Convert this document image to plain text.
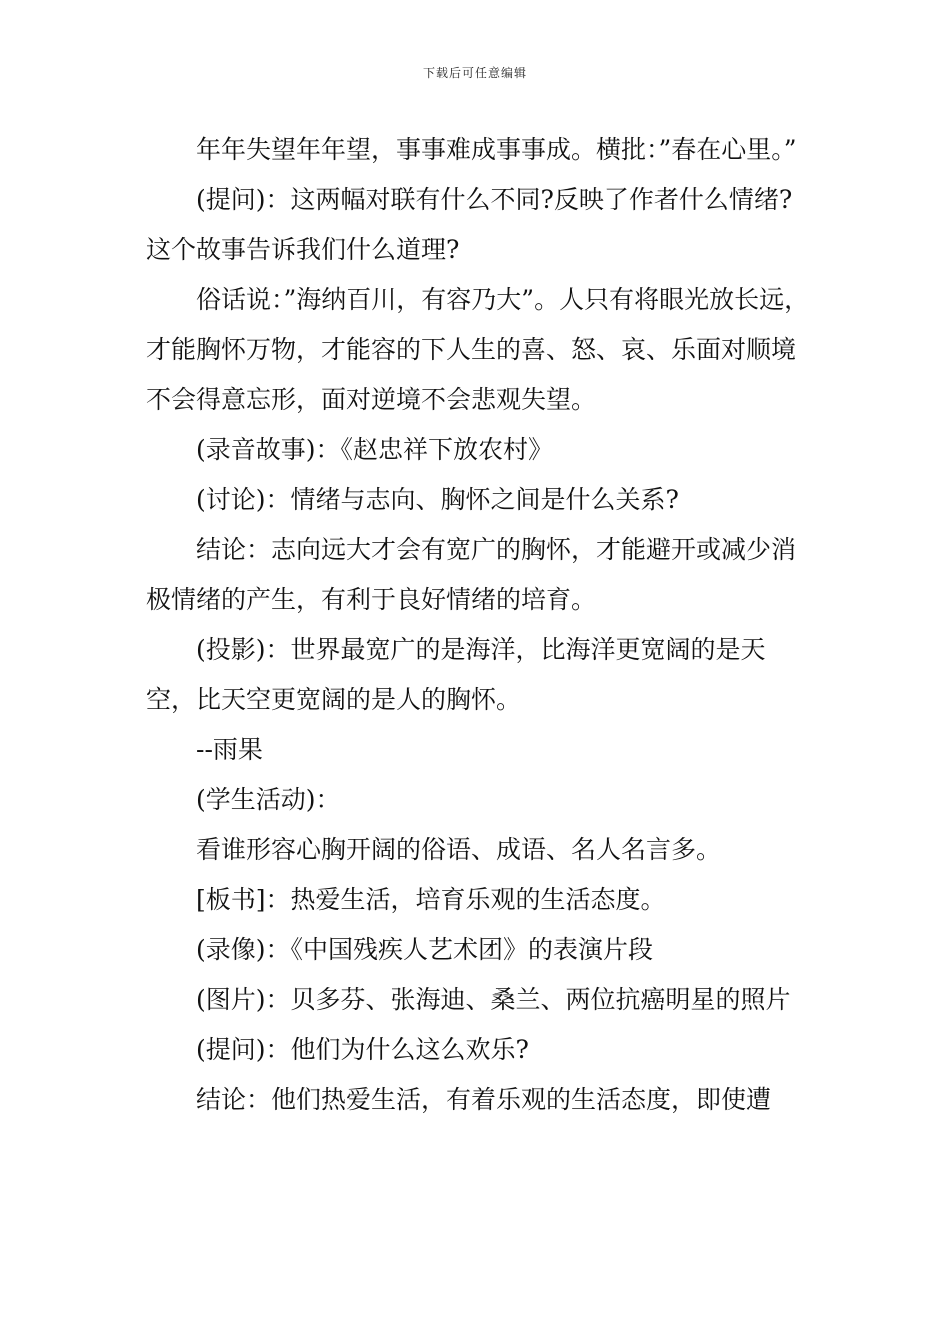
下载后可任意编辑

年年失望年年望，事事难成事事成。横批：”春在心里。”

(提问)：这两幅对联有什么不同?反映了作者什么情绪?这个故事告诉我们什么道理?

俗话说：”海纳百川，有容乃大”。人只有将眼光放长远，才能胸怀万物，才能容的下人生的喜、怒、哀、乐面对顺境不会得意忘形，面对逆境不会悲观失望。

(录音故事)：《赵忠祥下放农村》

(讨论)：情绪与志向、胸怀之间是什么关系?

结论：志向远大才会有宽广的胸怀，才能避开或减少消极情绪的产生，有利于良好情绪的培育。

(投影)：世界最宽广的是海洋，比海洋更宽阔的是天空，比天空更宽阔的是人的胸怀。

--雨果

(学生活动)：

看谁形容心胸开阔的俗语、成语、名人名言多。

[板书]：热爱生活，培育乐观的生活态度。

(录像)：《中国残疾人艺术团》的表演片段

(图片)：贝多芬、张海迪、桑兰、两位抗癌明星的照片

(提问)：他们为什么这么欢乐?

结论：他们热爱生活，有着乐观的生活态度，即使遭
